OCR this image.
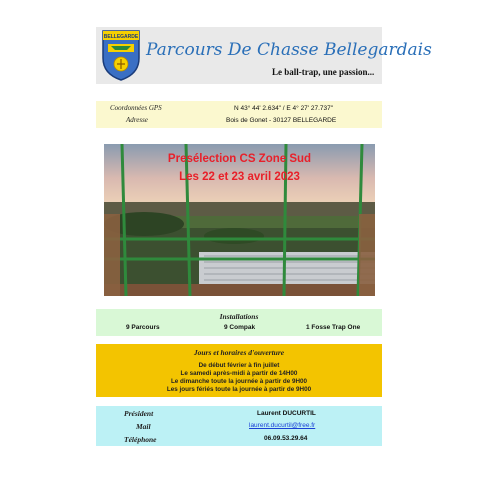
BELLEGARDE
Parcours De Chasse Bellegardais
Le ball-trap, une passion...
Coordonnées GPS	N 43° 44' 2.634" / E 4° 27' 27.737"
Adresse	Bois de Gonet - 30127 BELLEGARDE
Presélection CS Zone Sud
Les 22 et 23 avril 2023
Installations
9 Parcours	9 Compak	1 Fosse Trap One
Jours et horaires d'ouverture
De début février à fin juillet
Le samedi après-midi à partir de 14H00
Le dimanche toute la journée à partir de 9H00
Les jours fériés toute la journée à partir de 9H00
Président	Laurent DUCURTIL
Mail	laurent.ducurtil@free.fr
Téléphone	06.09.53.29.64
